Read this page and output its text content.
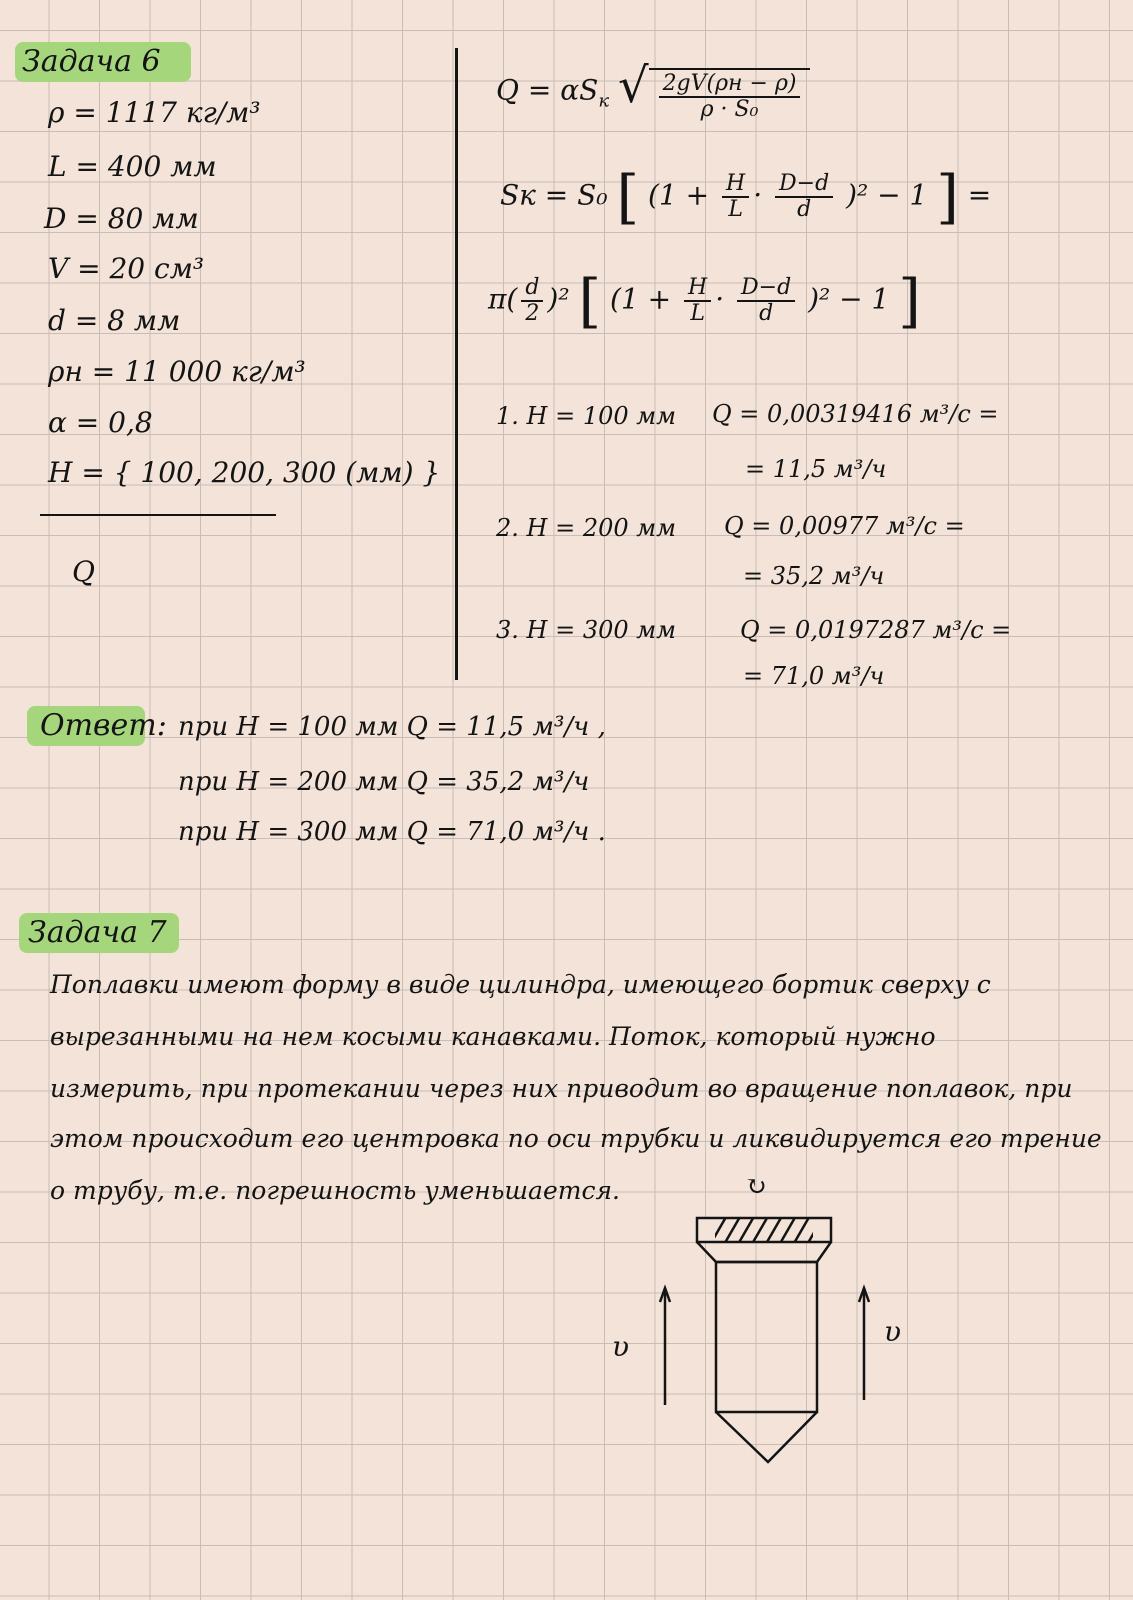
Задача 6
ρ = 1117 кг/м³
L = 400 мм
D = 80 мм
V = 20 см³
d = 8 мм
ρн = 11 000 кг/м³
α = 0,8
H = { 100, 200, 300 (мм) }
Q
$Q = \alpha S_к$ √ $\frac{2gV(\rho н - \rho)}{\text{ρ · S₀}}$
Sк = S₀ [ $(1 + \frac{H}{L} \cdot \frac{D-d}{d} )^2 - 1$ ] =
$\pi( \frac{d}{2} )^2$ [ $(1 + \frac{H}{L} \cdot \frac{D-d}{d} )^2 - 1$ ]
1. H = 100 мм Q = 0,00319416 м³/с =
= 11,5 м³/ч
2. H = 200 мм Q = 0,00977 м³/с =
= 35,2 м³/ч
3. H = 300 мм	Q = 0,0197287 м³/с =
= 71,0 м³/ч
Ответ: при H = 100 мм Q = 11,5 м³/ч ,
при H = 200 мм Q = 35,2 м³/ч
при H = 300 мм Q = 71,0 м³/ч .
Задача 7
Поплавки имеют форму в виде цилиндра, имеющего бортик сверху с
вырезанными на нем косыми канавками. Поток, который нужно
измерить, при протекании через них приводит во вращение поплавок, при
этом происходит его центровка по оси трубки и ликвидируется его трение
о трубу, т.е. погрешность уменьшается.
υ	υ
↻
